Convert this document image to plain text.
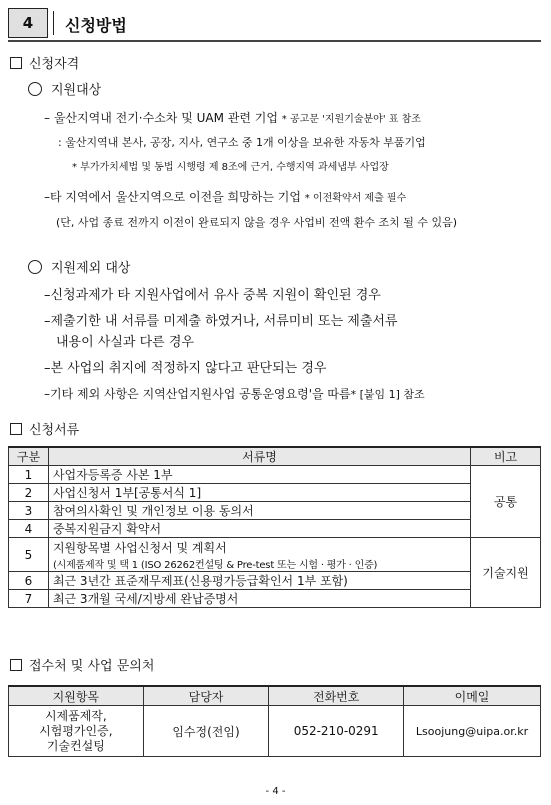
4	신청방법
신청자격
지원대상
– 울산지역내 전기·수소차 및 UAM 관련 기업 * 공고문 '지원기술분야' 표 참조
: 울산지역내 본사, 공장, 지사, 연구소 중 1개 이상을 보유한 자동차 부품기업
* 부가가치세법 및 동법 시행령 제 8조에 근거, 수행지역 과세냅부 사업장
–타 지역에서 울산지역으로 이전을 희망하는 기업 * 이전확약서 제출 필수
(단, 사업 종료 전까지 이전이 완료되지 않을 경우 사업비 전액 환수 조치 될 수 있음)
지원제외 대상
–신청과제가 타 지원사업에서 유사 중복 지원이 확인된 경우
–제출기한 내 서류를 미제출 하였거나, 서류미비 또는 제출서류
내용이 사실과 다른 경우
–본 사업의 취지에 적정하지 않다고 판단되는 경우
–기타 제외 사항은 지역산업지원사업 공통운영요령'을 따름* [붙임 1] 참조
신청서류
구분	서류명	비고
1	사업자등록증 사본 1부	공통
2	사업신청서 1부[공통서식 1]	
3	참여의사확인 및 개인정보 이용 동의서	
4	중복지원금지 확약서	
5	지원항목별 사업신청서 및 계획서
(시제품제작 및 택 1 (ISO 26262컨설팅 & Pre-test 또는 시험 · 평가 · 인증)	기술지원
6	최근 3년간 표준재무제표(신용평가등급확인서 1부 포함)	
7	최근 3개월 국세/지방세 완납증명서	
접수처 및 사업 문의처
지원항목	담당자	전화번호	이메일

시제품제작,
시험평가인증,
기술컨설팅	임수정(전임)	052-210-0291	Lsoojung@uipa.or.kr
- 4 -
